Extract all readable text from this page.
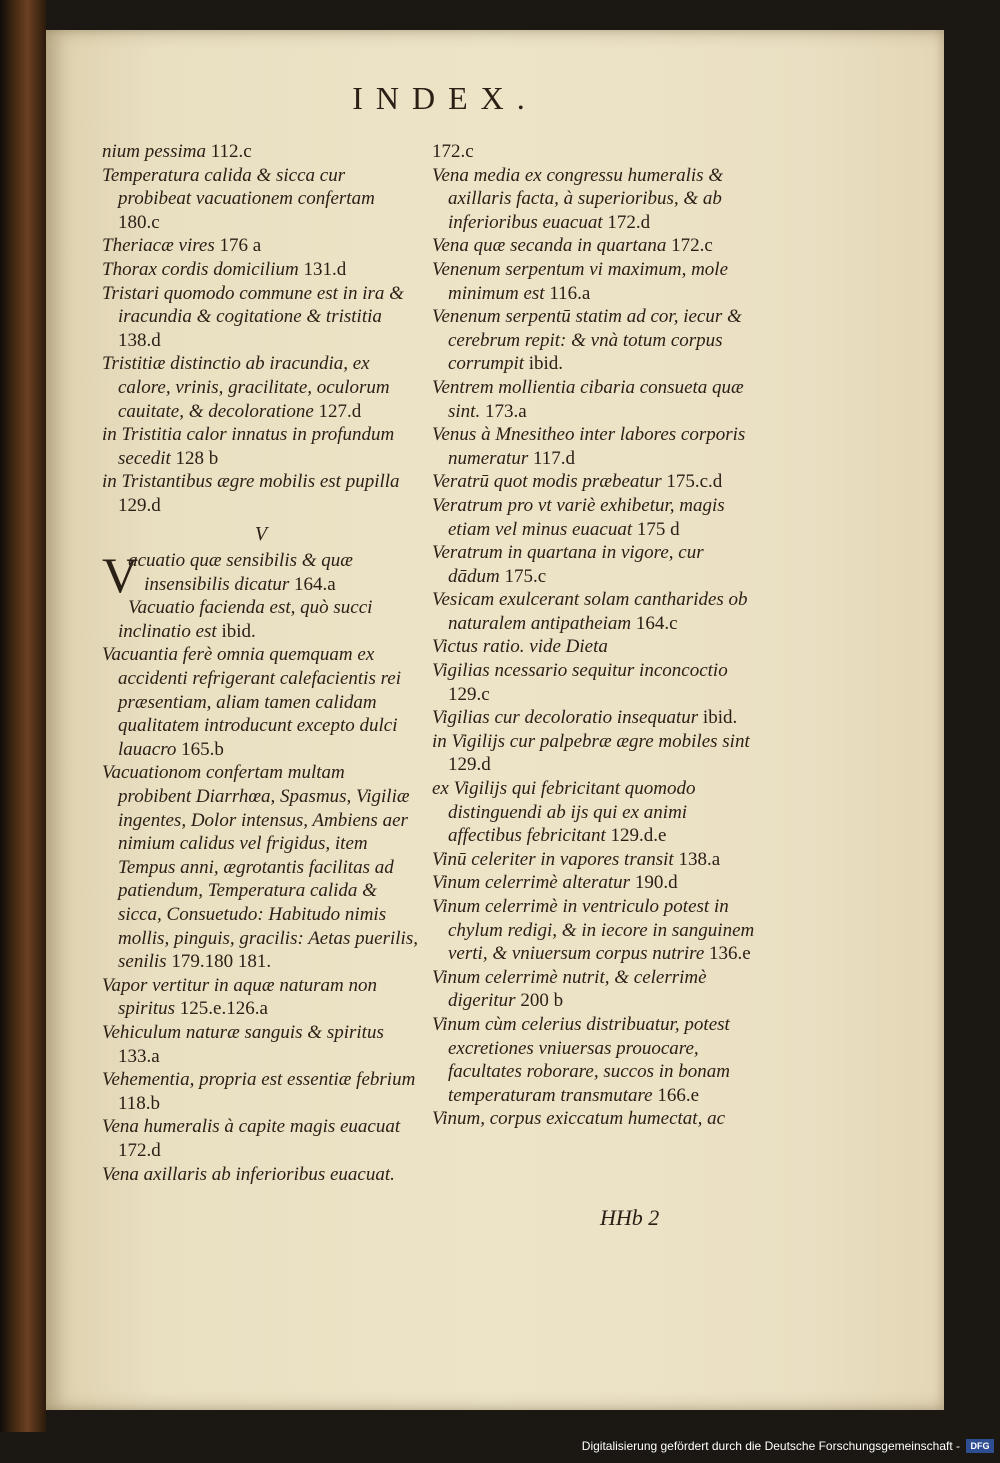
INDEX.

nium pessima 112.c

Temperatura calida & sicca cur probibeat vacuationem confertam 180.c

Theriacæ vires 176 a

Thorax cordis domicilium 131.d

Tristari quomodo commune est in ira & iracundia & cogitatione & tristitia 138.d

Tristitiæ distinctio ab iracundia, ex calore, vrinis, gracilitate, oculorum cauitate, & decoloratione 127.d

in Tristitia calor innatus in profundum secedit 128 b

in Tristantibus ægre mobilis est pupilla 129.d

V

V
acuatio quæ sensibilis & quæ insensibilis dicatur 164.a

Vacuatio facienda est, quò succi inclinatio est ibid.

Vacuantia ferè omnia quemquam ex accidenti refrigerant calefacientis rei præsentiam, aliam tamen calidam qualitatem introducunt excepto dulci lauacro 165.b

Vacuationom confertam multam probibent Diarrhœa, Spasmus, Vigiliæ ingentes, Dolor intensus, Ambiens aer nimium calidus vel frigidus, item Tempus anni, ægrotantis facilitas ad patiendum, Temperatura calida & sicca, Consuetudo: Habitudo nimis mollis, pinguis, gracilis: Aetas puerilis, senilis 179.180 181.

Vapor vertitur in aquæ naturam non spiritus 125.e.126.a

Vehiculum naturæ sanguis & spiritus 133.a

Vehementia, propria est essentiæ febrium 118.b

Vena humeralis à capite magis euacuat 172.d

Vena axillaris ab inferioribus euacuat.

172.c

Vena media ex congressu humeralis & axillaris facta, à superioribus, & ab inferioribus euacuat 172.d

Vena quæ secanda in quartana 172.c

Venenum serpentum vi maximum, mole minimum est 116.a

Venenum serpentū statim ad cor, iecur & cerebrum repit: & vnà totum corpus corrumpit ibid.

Ventrem mollientia cibaria consueta quæ sint. 173.a

Venus à Mnesitheo inter labores corporis numeratur 117.d

Veratrū quot modis præbeatur 175.c.d

Veratrum pro vt variè exhibetur, magis etiam vel minus euacuat 175 d

Veratrum in quartana in vigore, cur dādum 175.c

Vesicam exulcerant solam cantharides ob naturalem antipatheiam 164.c

Victus ratio. vide Dieta

Vigilias ncessario sequitur inconcoctio 129.c

Vigilias cur decoloratio insequatur ibid.

in Vigilijs cur palpebræ ægre mobiles sint 129.d

ex Vigilijs qui febricitant quomodo distinguendi ab ijs qui ex animi affectibus febricitant 129.d.e

Vinū celeriter in vapores transit 138.a

Vinum celerrimè alteratur 190.d

Vinum celerrimè in ventriculo potest in chylum redigi, & in iecore in sanguinem verti, & vniuersum corpus nutrire 136.e

Vinum celerrimè nutrit, & celerrimè digeritur 200 b

Vinum cùm celerius distribuatur, potest excretiones vniuersas prouocare, facultates roborare, succos in bonam temperaturam transmutare 166.e

Vinum, corpus exiccatum humectat, ac

HHb 2
Digitalisierung gefördert durch die Deutsche Forschungsgemeinschaft -	DFG
